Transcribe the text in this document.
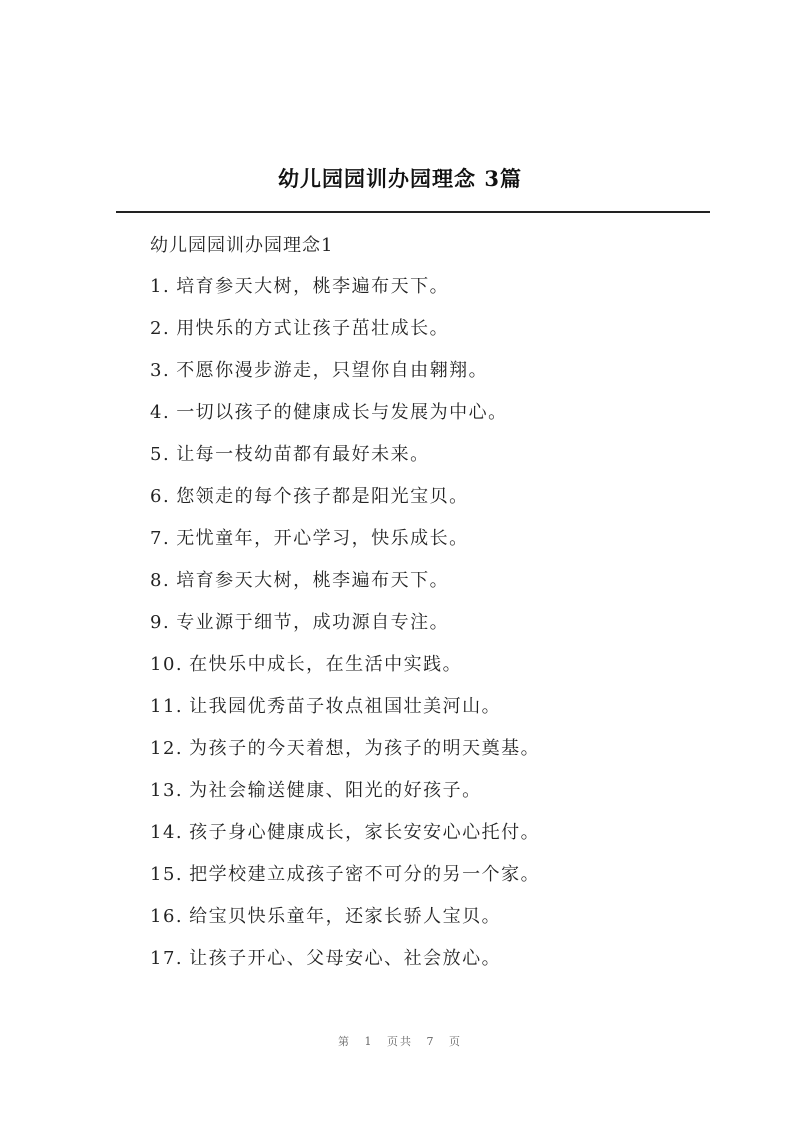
幼儿园园训办园理念 3篇
幼儿园园训办园理念1
1. 培育参天大树，桃李遍布天下。
2. 用快乐的方式让孩子茁壮成长。
3. 不愿你漫步游走，只望你自由翱翔。
4. 一切以孩子的健康成长与发展为中心。
5. 让每一枝幼苗都有最好未来。
6. 您领走的每个孩子都是阳光宝贝。
7. 无忧童年，开心学习，快乐成长。
8. 培育参天大树，桃李遍布天下。
9. 专业源于细节，成功源自专注。
10. 在快乐中成长，在生活中实践。
11. 让我园优秀苗子妆点祖国壮美河山。
12. 为孩子的今天着想，为孩子的明天奠基。
13. 为社会输送健康、阳光的好孩子。
14. 孩子身心健康成长，家长安安心心托付。
15. 把学校建立成孩子密不可分的另一个家。
16. 给宝贝快乐童年，还家长骄人宝贝。
17. 让孩子开心、父母安心、社会放心。
第 1 页共 7 页
